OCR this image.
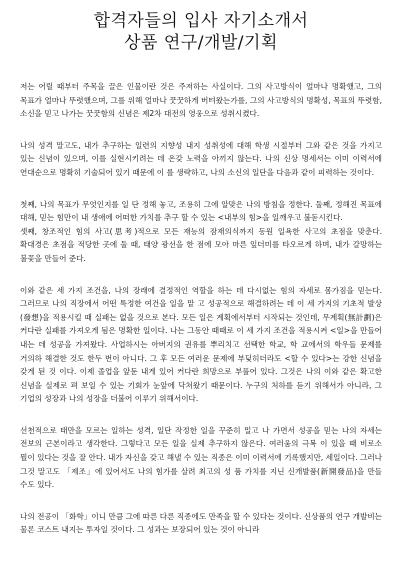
합격자들의 입사 자기소개서
상품 연구/개발/기획

저는 어릴 때부터 주목을 끌은 인물이란 것은 주저하는 사실이다. 그의 사고방식이 얼마나 명확했고, 그의 목표가 얼마나 뚜렷했으며, 그를 위해 얼마나 꿋꿋하게 버텨왔는가를, 그의 사고방식의 명확성, 목표의 뚜렷함, 소신을 믿고 나가는 꿋꿋함의 신념은 제2차 대전의 영웅으로 성취시켰다.

나의 성격 말고도, 내가 추구하는 일련의 지향성 내지 성취성에 대해 학생 시절부터 그와 같은 것을 가지고 있는 신념이 있으며, 이를 실현시키려는 데 온갖 노력을 아끼지 않는다. 나의 신상 명세서는 이미 이력서에 연대순으로 명확히 기술되어 있기 때문에 이 를 생략하고, 나의 소신의 일단을 다음과 같이 피력하는 것이다.

첫째, 나의 목표가 무엇인지를 일 단 정해 놓고, 조용히 그에 알맞은 나의 방침을 정한다. 둘째, 정해진 목표에 대해, 믿는 힘만이 내 생애에 어떠한 가치를 추구 할 수 있는 <내부의 힘>을 일깨우고 불돋시킨다.

셋째, 창조적인 힘의 사고(思考)적으로 모든 재능의 잠재의식까지 동원 일욕한 사고의 초점을 맞춘다. 확대경은 초점을 적당한 곳에 둘 때, 태양 광선을 한 점에 모아 마른 잎더미를 타오르게 하며, 내가 갈망하는 불꽃을 만들어 준다.

이와 같은 세 가지 조건을, 나의 장래에 결정적인 역할을 하는 데 다시없는 힘의 자세로 몸가짐을 믿는다. 그러므로 나의 직장에서 어떤 특정한 여건을 일을 맡 고 성공적으로 해결하려는 데 이 세 가지의 기초적 발상(發想)을 적용시킬 때 실패는 없을 것으로 본다. 모든 일은 계획에서부터 시작되는 것인데, 무계획(無計劃)은 커다란 실패를 가져오게 됨은 명확한 일이다. 나는 그동안 때때로 이 세 가지 조건을 적용시켜 <일>을 만들어 내는 데 성공을 가져왔다. 사업하시는 아버지의 권유를 뿌리치고 선택한 학교, 학 교에서의 학우들 문제를 거의하 해결한 것도 한두 번이 아니다. 그 후 모든 여러운 문제에 부딪히더라도 <할 수 있다>는 강한 신념을 갖게 된 것 이다. 이제 졸업을 앞둔 내게 있어 커다란 희망으로 부풀어 있다. 그것은 나의 이와 같은 확고한 신념을 실제로 펴 보일 수 있는 기회가 눈앞에 닥쳐왔기 때문이다. 누구의 처하를 듣기 위해서가 아니라, 그 기업의 성장과 나의 성장을 더불어 이루기 위해서이다.

선천적으로 태만을 모르는 일하는 성격, 일단 작정한 일을 꾸준히 밀고 나 가면서 성공을 믿는 나의 자세는 전보의 근본이라고 생각한다. 그렇다고 모든 일을 실제 추구하지 않은다. 여러움의 극복 이 있을 때 비로소 뭘이 있다는 것을 잘 안다. 내가 자신을 갖고 해낼 수 있는 직종은 이미 이력서에 기록했지만, 세일이다. 그러나 그것 말고도 「제조」에 있어서도 나의 힘가를 살려 최고의 성 품 가치를 지닌 신개발품(新開發品)을 만들 수도 있다.

나의 전공이 「화학」이니 만큼 그에 따른 다른 직종에도 만족을 할 수 있다는 것이다. 신상품의 연구 개발비는 물론 코스트 내지는 투자일 것이다. 그 성과는 보장되어 있는 것이 아니라
